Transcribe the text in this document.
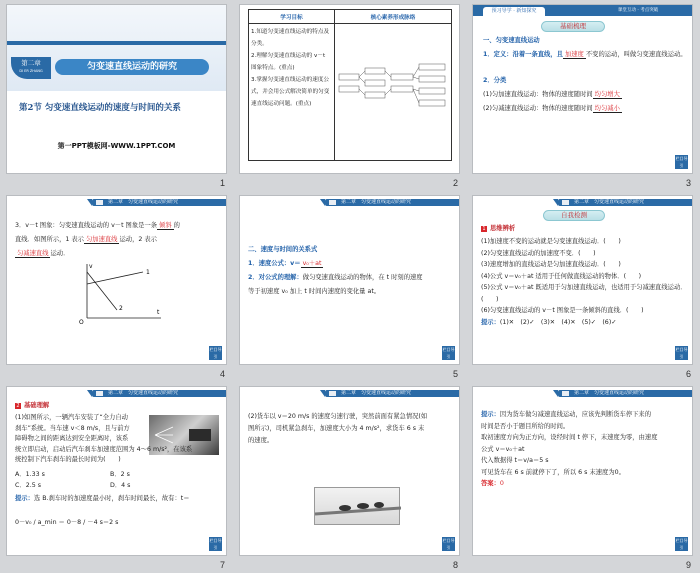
第二章
DI ER ZHANG	匀变速直线运动的研究
第2节 匀变速直线运动的速度与时间的关系
第一PPT模板网-WWW.1PPT.COM
1
学习目标	核心素养形成脉络

1.知道匀变速直线运动的特点及分类。
2.理解匀变速直线运动的 v－t 图象特点。(重点)
3.掌握匀变速直线运动的速度公式，并会用公式解决简单的匀变速直线运动问题。(重点)

2
预习导学 · 新知探究	课堂互动 · 考点突破
基础梳理
一、匀变速直线运动
1．定义：沿着一条直线，且 加速度 不变的运动，叫做匀变速直线运动。
2．分类
(1)匀加速直线运动：物体的速度随时间 均匀增大
(2)匀减速直线运动：物体的速度随时间 均匀减小
栏目导引
3
第二章　匀变速直线运动的研究
3．v－t 图象：匀变速直线运动的 v－t 图象是一条 倾斜 的
直线．如图所示，1 表示 匀加速直线 运动，2 表示
匀减速直线 运动．
v
t
O
1
2
栏目导引
4
第二章　匀变速直线运动的研究
二、速度与时间的关系式
1．速度公式：v＝ v₀＋at
2．对公式的理解：做匀变速直线运动的物体，在 t 时刻的速度
等于初速度 v₀ 加上 t 时间内速度的变化量 at。
栏目导引
5
第二章　匀变速直线运动的研究
自我检测
1 思维辨析
(1)加速度不变的运动就是匀变速直线运动．(　　)
(2)匀变速直线运动的加速度不变．(　　)
(3)速度增加的直线运动是匀加速直线运动．(　　)
(4)公式 v＝v₀＋at 适用于任何做直线运动的物体．(　　)
(5)公式 v＝v₀＋at 既适用于匀加速直线运动，也适用于匀减速直线运动．(　　)
(6)匀变速直线运动的 v－t 图象是一条倾斜的直线．(　　)
提示：(1)✕　(2)✓　(3)✕　(4)✕　(5)✓　(6)✓
栏目导引
6
第二章　匀变速直线运动的研究
2 基础理解
(1)如图所示，一辆汽车安装了“全力自动
刹车”系统。当车速 v＜8 m/s，且与前方
障碍物之间的距离达到安全距离时，该系
统立即启动，启动后汽车刹车加速度范围为 4～6 m/s²，在该系
统控制下汽车刹车的最长时间为(　　)
A．1.33 s	B．2 s
C．2.5 s	D．4 s
提示：选 B.刹车时的加速度最小时，刹车时间最长，故有：t＝
0－v₀ / a_min ＝ 0－8 / －4 s＝2 s
栏目导引
7
第二章　匀变速直线运动的研究
(2)货车以 v＝20 m/s 的速度匀速行驶，突然前面有紧急情况(如
图所示)，司机紧急刹车，加速度大小为 4 m/s²，求货车 6 s 末
的速度。
栏目导引
8
第二章　匀变速直线运动的研究
提示：因为货车做匀减速直线运动，应该先判断货车停下来的
时间是否小于题目所给的时间。
取初速度方向为正方向，设经时间 t 停下，末速度为零，由速度
公式 v＝v₀＋at
代入数据得 t＝v/a＝5 s
可见货车在 6 s 前就停下了，所以 6 s 末速度为0。
答案：0
栏目导引
9
